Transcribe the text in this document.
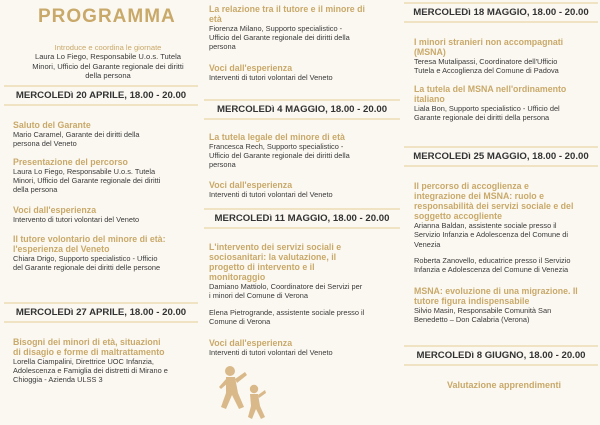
PROGRAMMA
Introduce e coordina le giornate
Laura Lo Fiego, Responsabile U.o.s. Tutela
Minori, Ufficio del Garante regionale dei diritti
della persona
MERCOLEDì 20 APRILE, 18.00 - 20.00
Saluto del Garante
Mario Caramel, Garante dei diritti della
persona del Veneto
Presentazione del percorso
Laura Lo Fiego, Responsabile U.o.s. Tutela
Minori, Ufficio del Garante regionale dei diritti
della persona
Voci dall'esperienza
Intervento di tutori volontari del Veneto
Il tutore volontario del minore di età:
l'esperienza del Veneto
Chiara Drigo, Supporto specialistico - Ufficio
del Garante regionale dei diritti delle persone
MERCOLEDì 27 APRILE, 18.00 - 20.00
Bisogni dei minori di età, situazioni
di disagio e forme di maltrattamento
Lorella Ciampalini, Direttrice UOC Infanzia,
Adolescenza e Famiglia dei distretti di Mirano e
Chioggia - Azienda ULSS 3
La relazione tra il tutore e il minore di
età
Fiorenza Milano, Supporto specialistico -
Ufficio del Garante regionale dei diritti della
persona
Voci dall'esperienza
Interventi di tutori volontari del Veneto
MERCOLEDì 4 MAGGIO, 18.00 - 20.00
La tutela legale del minore di età
Francesca Rech, Supporto specialistico -
Ufficio del Garante regionale dei diritti della
persona
Voci dall'esperienza
Interventi di tutori volontari del Veneto
MERCOLEDì 11 MAGGIO, 18.00 - 20.00
L'intervento dei servizi sociali e
sociosanitari: la valutazione, il
progetto di intervento e il
monitoraggio
Damiano Mattiolo, Coordinatore dei Servizi per
i minori del Comune di Verona
Elena Pietrogrande, assistente sociale presso il
Comune di Verona
Voci dall'esperienza
Interventi di tutori volontari del Veneto
MERCOLEDì 18 MAGGIO, 18.00 - 20.00
I minori stranieri non accompagnati
(MSNA)
Teresa Mutalipassi, Coordinatore dell'Ufficio
Tutela e Accoglienza del Comune di Padova
La tutela del MSNA nell'ordinamento
italiano
Liala Bon, Supporto specialistico - Ufficio del
Garante regionale dei diritti della persona
MERCOLEDì 25 MAGGIO, 18.00 - 20.00
Il percorso di accoglienza e
integrazione dei MSNA: ruolo e
responsabilità dei servizi sociale e del
soggetto accogliente
Arianna Baldan, assistente sociale presso il
Servizio Infanzia e Adolescenza del Comune di
Venezia
Roberta Zanovello, educatrice presso il Servizio
Infanzia e Adolescenza del Comune di Venezia
MSNA: evoluzione di una migrazione. Il
tutore figura indispensabile
Silvio Masin, Responsabile Comunità San
Benedetto – Don Calabria (Verona)
MERCOLEDì 8 GIUGNO, 18.00 - 20.00
Valutazione apprendimenti
